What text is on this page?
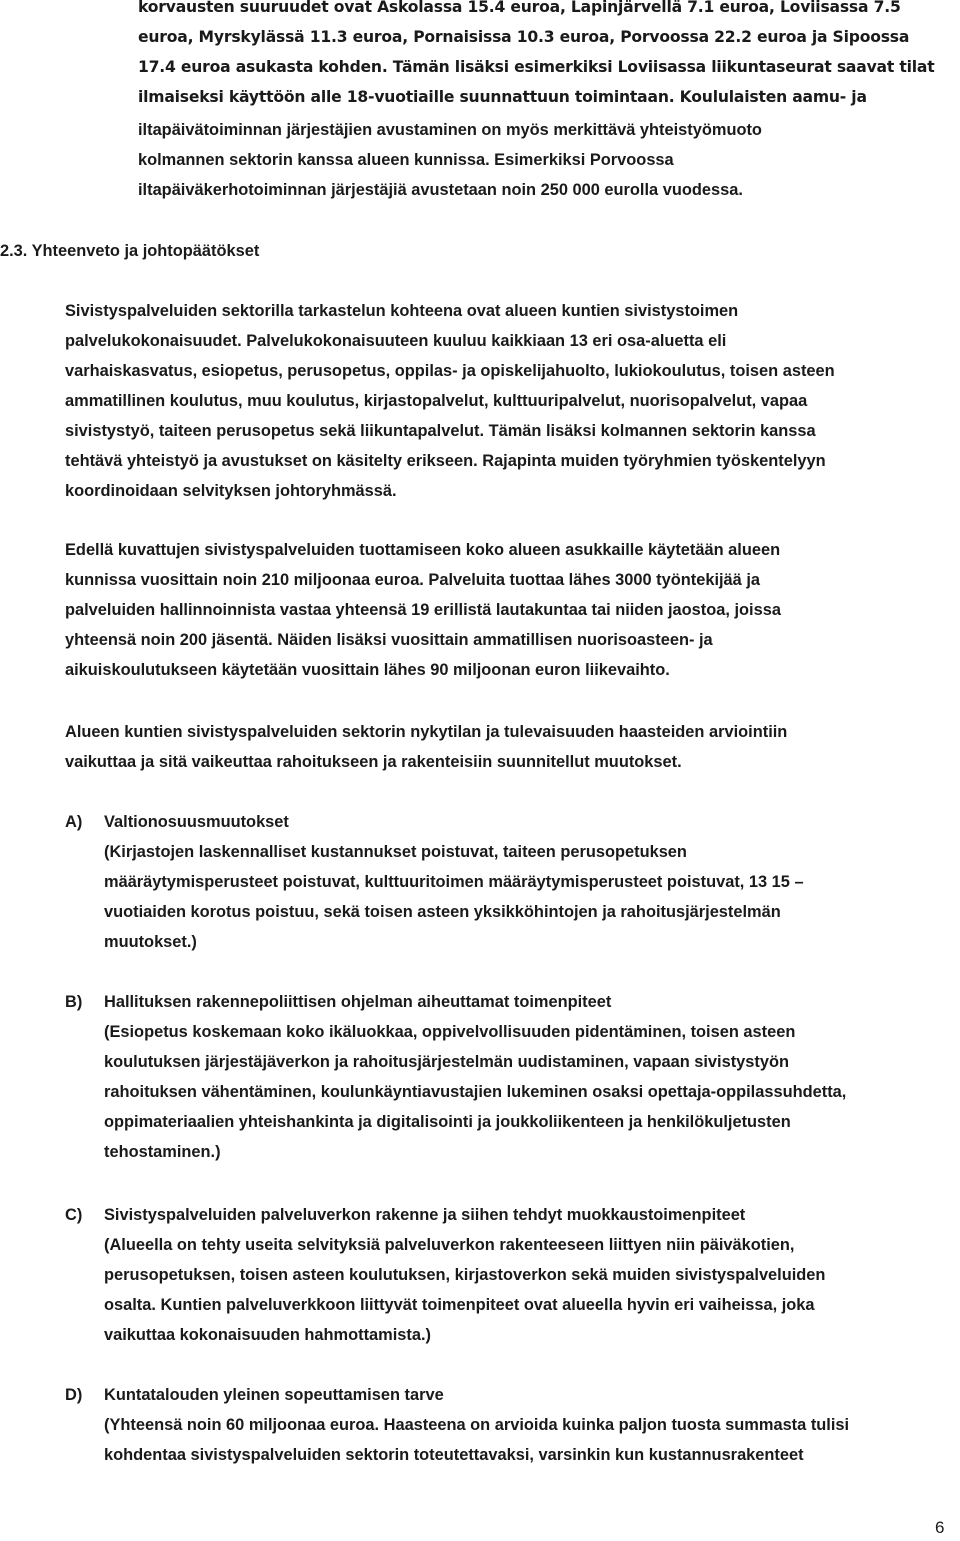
korvausten suuruudet ovat Askolassa 15.4 euroa, Lapinjärvellä 7.1 euroa, Loviisassa 7.5
euroa, Myrskylässä 11.3 euroa, Pornaisissa 10.3 euroa, Porvoossa 22.2 euroa ja Sipoossa
17.4 euroa asukasta kohden. Tämän lisäksi esimerkiksi Loviisassa liikuntaseurat saavat tilat
ilmaiseksi käyttöön alle 18-vuotiaille suunnattuun toimintaan. Koululaisten aamu- ja
iltapäivätoiminnan järjestäjien avustaminen on myös merkittävä yhteistyömuoto
kolmannen sektorin kanssa alueen kunnissa. Esimerkiksi Porvoossa
iltapäiväkerhotoiminnan järjestäjiä avustetaan noin 250 000 eurolla vuodessa.
2.3. Yhteenveto ja johtopäätökset
Sivistyspalveluiden sektorilla tarkastelun kohteena ovat alueen kuntien sivistystoimen
palvelukokonaisuudet. Palvelukokonaisuuteen kuuluu kaikkiaan 13 eri osa-aluetta eli
varhaiskasvatus, esiopetus, perusopetus, oppilas- ja opiskelijahuolto, lukiokoulutus, toisen asteen
ammatillinen koulutus, muu koulutus, kirjastopalvelut, kulttuuripalvelut, nuorisopalvelut, vapaa
sivistystyö, taiteen perusopetus sekä liikuntapalvelut. Tämän lisäksi kolmannen sektorin kanssa
tehtävä yhteistyö ja avustukset on käsitelty erikseen. Rajapinta muiden työryhmien työskentelyyn
koordinoidaan selvityksen johtoryhmässä.
Edellä kuvattujen sivistyspalveluiden tuottamiseen koko alueen asukkaille käytetään alueen
kunnissa vuosittain noin 210 miljoonaa euroa. Palveluita tuottaa lähes 3000 työntekijää ja
palveluiden hallinnoinnista vastaa yhteensä 19 erillistä lautakuntaa tai niiden jaostoa, joissa
yhteensä noin 200 jäsentä. Näiden lisäksi vuosittain ammatillisen nuorisoasteen- ja
aikuiskoulutukseen käytetään vuosittain lähes 90 miljoonan euron liikevaihto.
Alueen kuntien sivistyspalveluiden sektorin nykytilan ja tulevaisuuden haasteiden arviointiin
vaikuttaa ja sitä vaikeuttaa rahoitukseen ja rakenteisiin suunnitellut muutokset.
A) Valtionosuusmuutokset
(Kirjastojen laskennalliset kustannukset poistuvat, taiteen perusopetuksen
määräytymisperusteet poistuvat, kulttuuritoimen määräytymisperusteet poistuvat, 13 15 –
vuotiaiden korotus poistuu, sekä toisen asteen yksikköhintojen ja rahoitusjärjestelmän
muutokset.)
B) Hallituksen rakennepoliittisen ohjelman aiheuttamat toimenpiteet
(Esiopetus koskemaan koko ikäluokkaa, oppivelvollisuuden pidentäminen, toisen asteen
koulutuksen järjestäjäverkon ja rahoitusjärjestelmän uudistaminen, vapaan sivistystyön
rahoituksen vähentäminen, koulunkäyntiavustajien lukeminen osaksi opettaja-oppilassuhdetta,
oppimateriaalien yhteishankinta ja digitalisointi ja joukkoliikenteen ja henkilökuljetusten
tehostaminen.)
C) Sivistyspalveluiden palveluverkon rakenne ja siihen tehdyt muokkaustoimenpiteet
(Alueella on tehty useita selvityksiä palveluverkon rakenteeseen liittyen niin päiväkotien,
perusopetuksen, toisen asteen koulutuksen, kirjastoverkon sekä muiden sivistyspalveluiden
osalta. Kuntien palveluverkkoon liittyvät toimenpiteet ovat alueella hyvin eri vaiheissa, joka
vaikuttaa kokonaisuuden hahmottamista.)
D) Kuntatalouden yleinen sopeuttamisen tarve
(Yhteensä noin 60 miljoonaa euroa. Haasteena on arvioida kuinka paljon tuosta summasta tulisi
kohdentaa sivistyspalveluiden sektorin toteutettavaksi, varsinkin kun kustannusrakenteet
6
